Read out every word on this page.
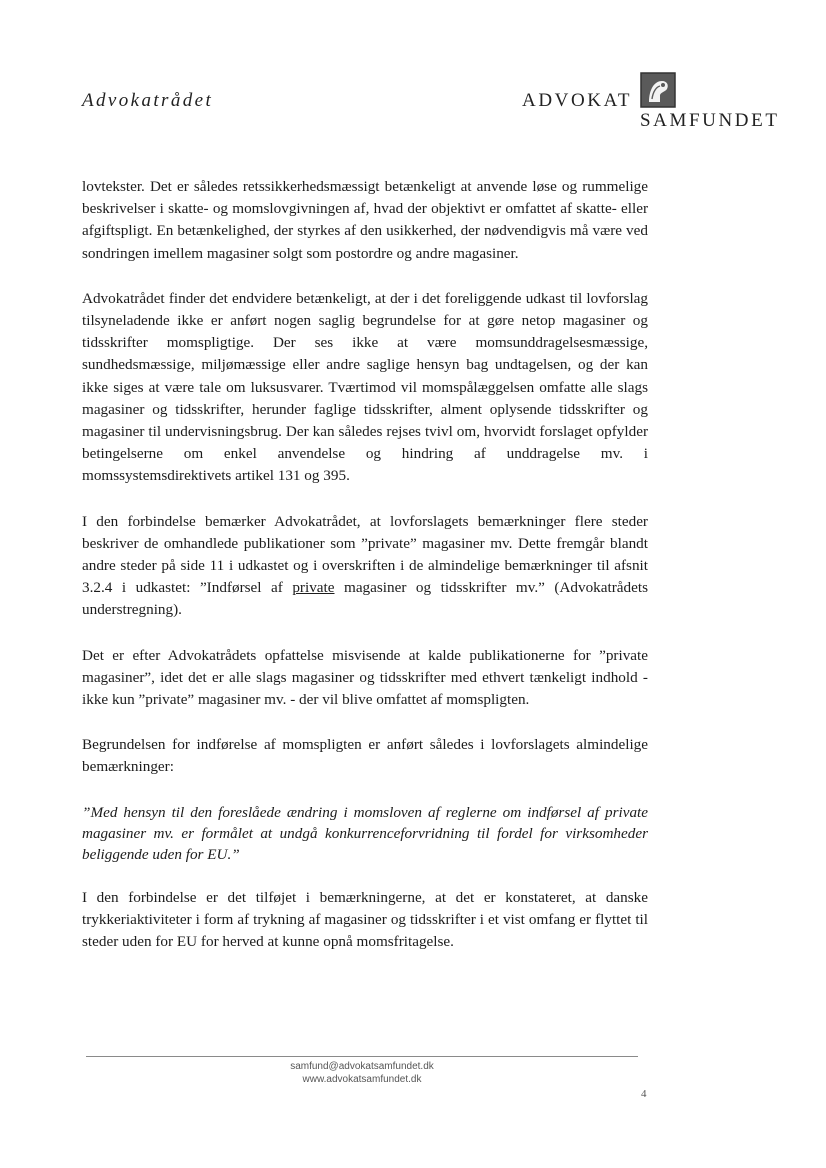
Advokatrådet	ADVOKAT
SAMFUNDET

lovtekster. Det er således retssikkerhedsmæssigt betænkeligt at anvende løse og rummelige beskrivelser i skatte- og momslovgivningen af, hvad der objektivt er omfattet af skatte- eller afgiftspligt. En betænkelighed, der styrkes af den usikkerhed, der nødvendigvis må være ved sondringen imellem magasiner solgt som postordre og andre magasiner.

Advokatrådet finder det endvidere betænkeligt, at der i det foreliggende udkast til lovforslag tilsyneladende ikke er anført nogen saglig begrundelse for at gøre netop magasiner og tidsskrifter momspligtige. Der ses ikke at være momsunddragelsesmæssige, sundhedsmæssige, miljømæssige eller andre saglige hensyn bag undtagelsen, og der kan ikke siges at være tale om luksusvarer. Tværtimod vil momspålæggelsen omfatte alle slags magasiner og tidsskrifter, herunder faglige tidsskrifter, alment oplysende tidsskrifter og magasiner til undervisningsbrug. Der kan således rejses tvivl om, hvorvidt forslaget opfylder betingelserne om enkel anvendelse og hindring af unddragelse mv. i momssystemsdirektivets artikel 131 og 395.

I den forbindelse bemærker Advokatrådet, at lovforslagets bemærkninger flere steder beskriver de omhandlede publikationer som ”private” magasiner mv. Dette fremgår blandt andre steder på side 11 i udkastet og i overskriften i de almindelige bemærkninger til afsnit 3.2.4 i udkastet: ”Indførsel af private magasiner og tidsskrifter mv.” (Advokatrådets understregning).

Det er efter Advokatrådets opfattelse misvisende at kalde publikationerne for ”private magasiner”, idet det er alle slags magasiner og tidsskrifter med ethvert tænkeligt indhold - ikke kun ”private” magasiner mv. - der vil blive omfattet af momspligten.

Begrundelsen for indførelse af momspligten er anført således i lovforslagets almindelige bemærkninger:

”Med hensyn til den foreslåede ændring i momsloven af reglerne om indførsel af private magasiner mv. er formålet at undgå konkurrenceforvridning til fordel for virksomheder beliggende uden for EU.”

I den forbindelse er det tilføjet i bemærkningerne, at det er konstateret, at danske trykkeriaktiviteter i form af trykning af magasiner og tidsskrifter i et vist omfang er flyttet til steder uden for EU for herved at kunne opnå momsfritagelse.

samfund@advokatsamfundet.dk
www.advokatsamfundet.dk
4
